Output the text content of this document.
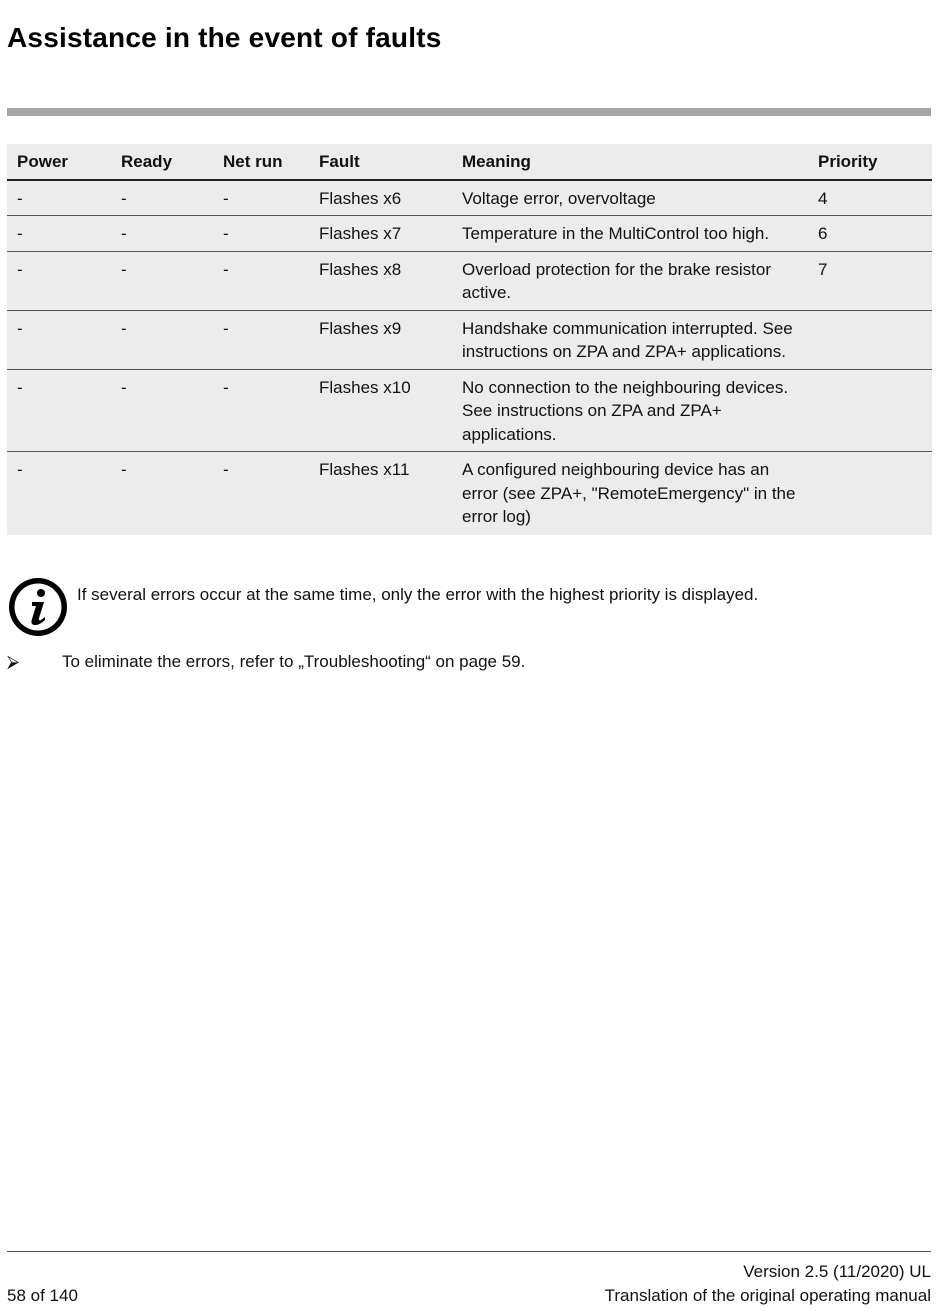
Assistance in the event of faults
Power	Ready	Net run	Fault	Meaning	Priority
-	-	-	Flashes x6	Voltage error, overvoltage	4
-	-	-	Flashes x7	Temperature in the MultiControl too high.	6
-	-	-	Flashes x8	Overload protection for the brake resistor active.	7
-	-	-	Flashes x9	Handshake communication interrupted. See instructions on ZPA and ZPA+ applications.	
-	-	-	Flashes x10	No connection to the neighbouring devices. See instructions on ZPA and ZPA+ applications.	
-	-	-	Flashes x11	A configured neighbouring device has an error (see ZPA+, "RemoteEmergency" in the error log)	

If several errors occur at the same time, only the error with the highest priority is displayed.

⮚	To eliminate the errors, refer to „Troubleshooting“ on page 59.
Version 2.5 (11/2020) UL
58 of 140	Translation of the original operating manual
